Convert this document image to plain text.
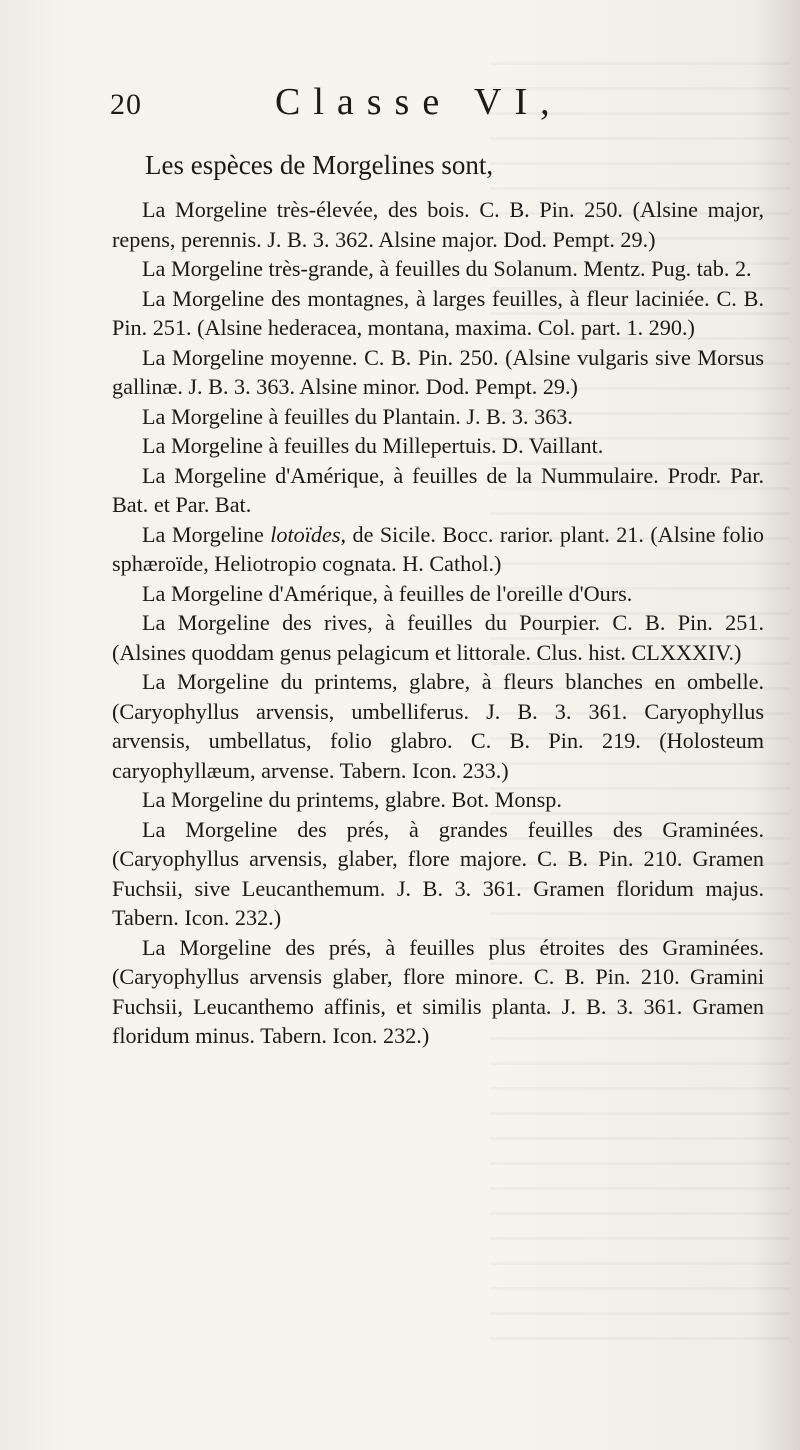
20	Classe VI,
Les espèces de Morgelines sont,

La Morgeline très-élevée, des bois. C. B. Pin. 250. (Alsine major, repens, perennis. J. B. 3. 362. Alsine major. Dod. Pempt. 29.)

La Morgeline très-grande, à feuilles du Solanum. Mentz. Pug. tab. 2.

La Morgeline des montagnes, à larges feuilles, à fleur laciniée. C. B. Pin. 251. (Alsine hederacea, montana, maxima. Col. part. 1. 290.)

La Morgeline moyenne. C. B. Pin. 250. (Alsine vulgaris sive Morsus gallinæ. J. B. 3. 363. Alsine minor. Dod. Pempt. 29.)

La Morgeline à feuilles du Plantain. J. B. 3. 363.

La Morgeline à feuilles du Millepertuis. D. Vaillant.

La Morgeline d'Amérique, à feuilles de la Nummulaire. Prodr. Par. Bat. et Par. Bat.

La Morgeline lotoïdes, de Sicile. Bocc. rarior. plant. 21. (Alsine folio sphæroïde, Heliotropio cognata. H. Cathol.)

La Morgeline d'Amérique, à feuilles de l'oreille d'Ours.

La Morgeline des rives, à feuilles du Pourpier. C. B. Pin. 251. (Alsines quoddam genus pelagicum et littorale. Clus. hist. CLXXXIV.)

La Morgeline du printems, glabre, à fleurs blanches en ombelle. (Caryophyllus arvensis, umbelliferus. J. B. 3. 361. Caryophyllus arvensis, umbellatus, folio glabro. C. B. Pin. 219. (Holosteum caryophyllæum, arvense. Tabern. Icon. 233.)

La Morgeline du printems, glabre. Bot. Monsp.

La Morgeline des prés, à grandes feuilles des Graminées. (Caryophyllus arvensis, glaber, flore majore. C. B. Pin. 210. Gramen Fuchsii, sive Leucanthemum. J. B. 3. 361. Gramen floridum majus. Tabern. Icon. 232.)

La Morgeline des prés, à feuilles plus étroites des Graminées. (Caryophyllus arvensis glaber, flore minore. C. B. Pin. 210. Gramini Fuchsii, Leucanthemo affinis, et similis planta. J. B. 3. 361. Gramen floridum minus. Tabern. Icon. 232.)
